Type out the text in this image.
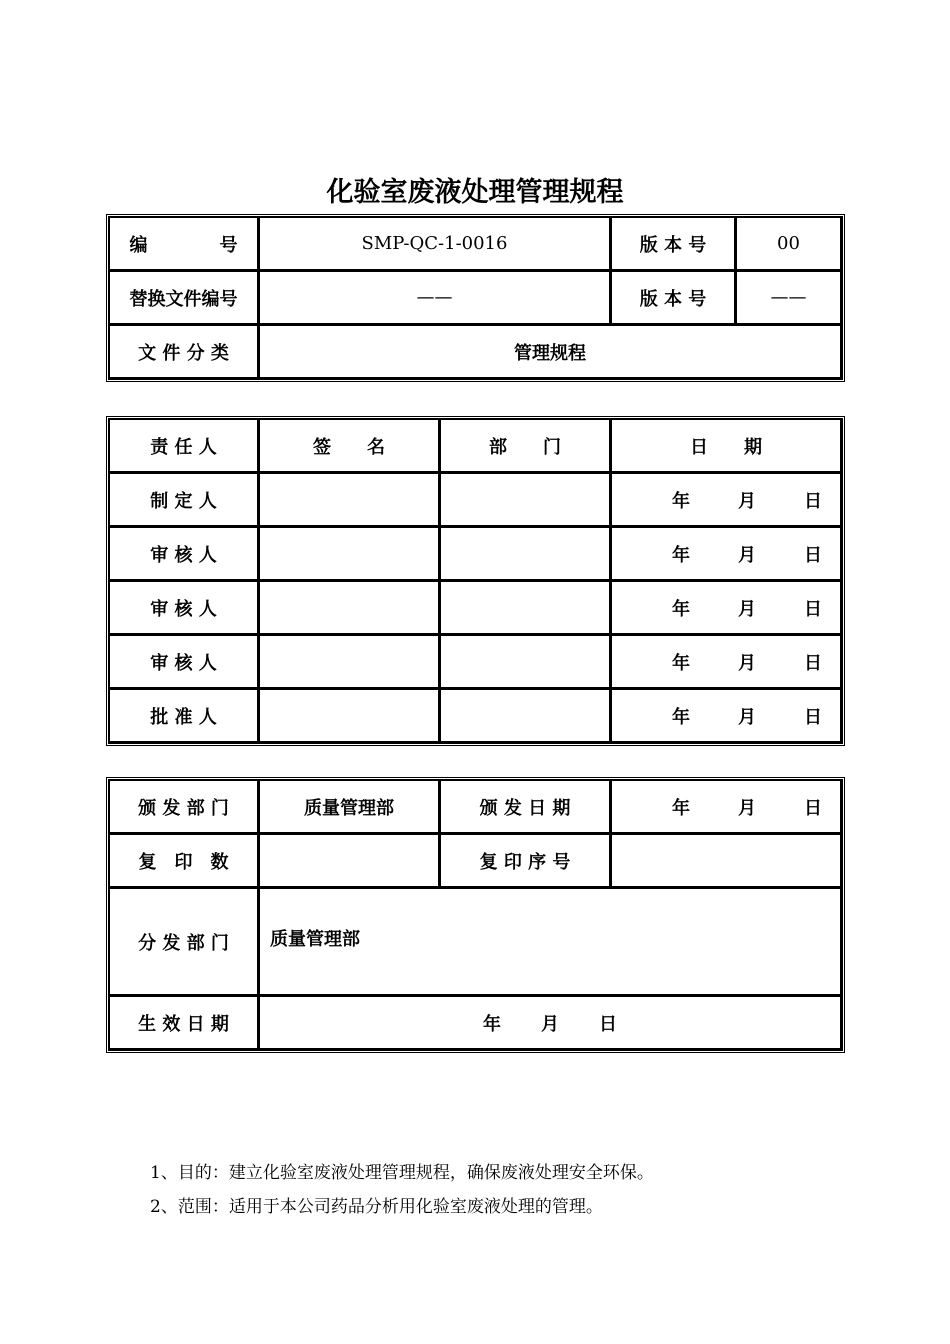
化验室废液处理管理规程
编　　　　号	SMP-QC-1-0016	版 本 号	00
替换文件编号	——	版 本 号	——
文 件 分 类	管理规程		
责 任 人	签　　名	部　　门	日　　期
制 定 人			年 月 日
审 核 人			年 月 日
审 核 人			年 月 日
审 核 人			年 月 日
批 准 人			年 月 日
颁 发 部 门	质量管理部	颁 发 日 期	年 月 日
复　印　数		复 印 序 号	
分 发 部 门	质量管理部		
生 效 日 期	年 月 日		
1、目的：建立化验室废液处理管理规程，确保废液处理安全环保。
2、范围：适用于本公司药品分析用化验室废液处理的管理。
